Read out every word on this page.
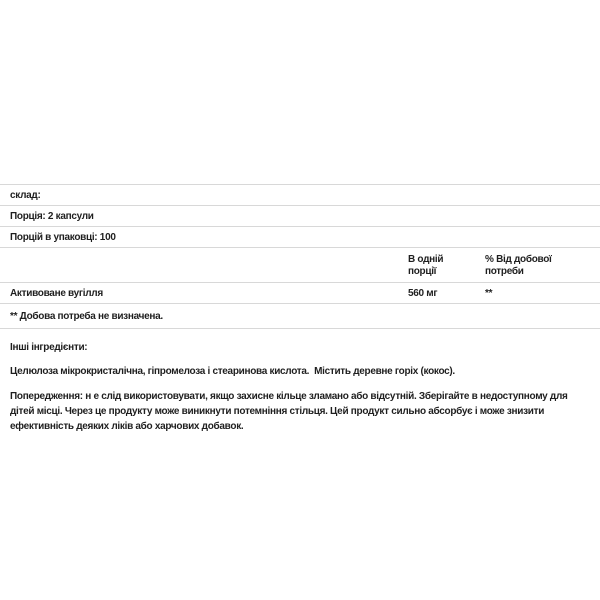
склад:
Порція: 2 капсули
Порцій в упаковці: 100
В одній порції
% Від добової потреби
Активоване вугілля	560 мг	**
** Добова потреба не визначена.

Інші інгредієнти:

Целюлоза мікрокристалічна, гіпромелоза і стеаринова кислота.  Містить деревне горіх (кокос).

Попередження: н е слід використовувати, якщо захисне кільце зламано або відсутній. Зберігайте в недоступному для дітей місці. Через це продукту може виникнути потемніння стільця. Цей продукт сильно абсорбує і може знизити ефективність деяких ліків або харчових добавок.
